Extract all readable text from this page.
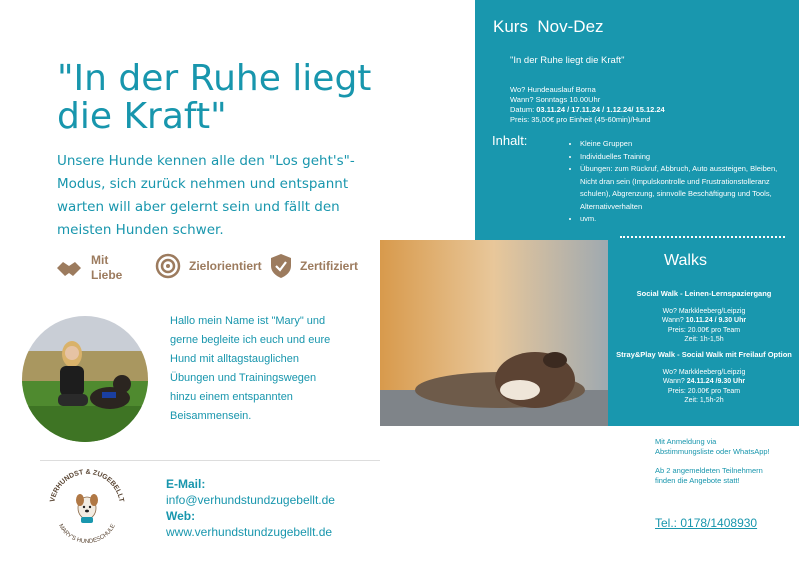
"In der Ruhe liegt die Kraft"
Unsere Hunde kennen alle den "Los geht's"-Modus, sich zurück nehmen und entspannt warten will aber gelernt sein und fällt den meisten Hunden schwer.
Mit Liebe
Zielorientiert	Zertifiziert
Hallo mein Name ist "Mary" und gerne begleite ich euch und eure Hund mit alltagstauglichen Übungen und Trainingswegen hinzu einem entspannten Beisammensein.
VERHUNDST & ZUGEBELLT
MARY'S HUNDESCHULE
E-Mail:
info@verhundstundzugebellt.de
Web:
www.verhundstundzugebellt.de
Kurs  Nov-Dez
"In der Ruhe liegt die Kraft"
Wo? Hundeauslauf Borna
Wann? Sonntags 10.00Uhr
Datum: 03.11.24 / 17.11.24 / 1.12.24/ 15.12.24
Preis: 35,00€ pro Einheit (45-60min)/Hund
Inhalt:
•	Kleine Gruppen
• Individuelles Training
• Übungen: zum Rückruf, Abbruch, Auto aussteigen, Bleiben, Nicht dran sein (Impulskontrolle und Frustrationstolleranz schulen), Abgrenzung, sinnvolle Beschäftigung und Tools, Alternativverhalten
• uvm.
Walks
Social Walk - Leinen-Lernspaziergang
Wo? Markkleeberg/Leipzig
Wann? 10.11.24 / 9.30 Uhr
Preis: 20.00€ pro Team
Zeit: 1h-1,5h
Stray&Play Walk - Social Walk mit Freilauf Option
Wo? Markkleeberg/Leipzig
Wann? 24.11.24 /9.30 Uhr
Preis: 20.00€ pro Team
Zeit: 1,5h-2h
Mit Anmeldung via Abstimmungsliste oder WhatsApp!
Ab 2 angemeldeten Teilnehmern finden die Angebote statt!
Tel.: 0178/1408930
